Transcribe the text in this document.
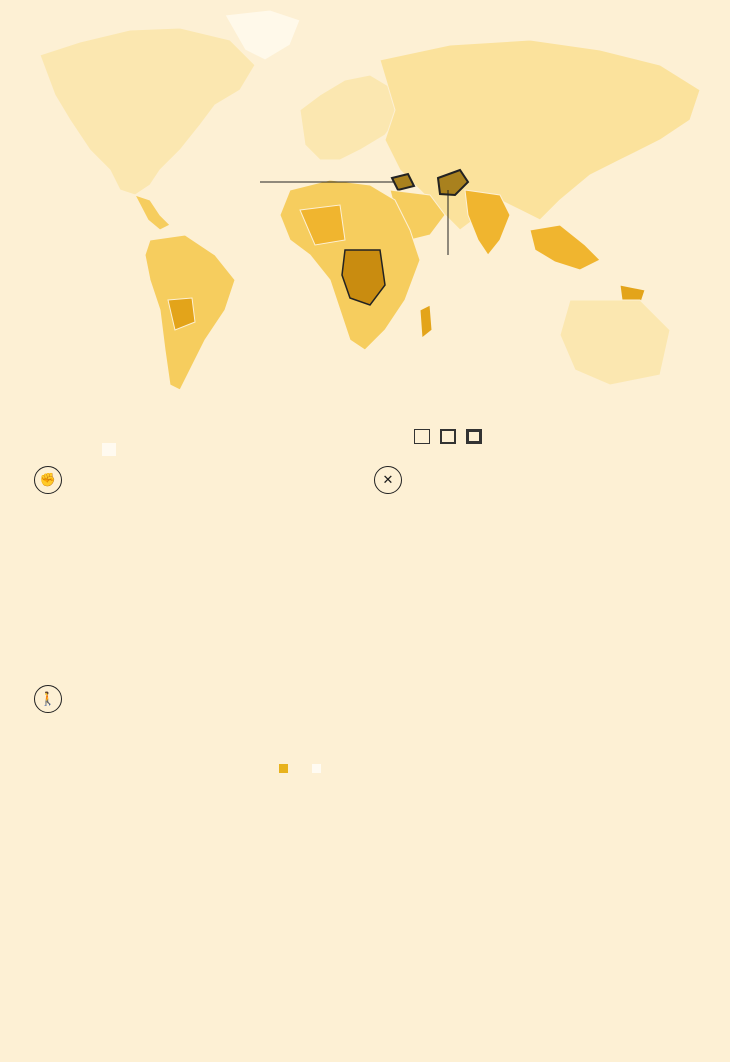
✊	✕
🚶
